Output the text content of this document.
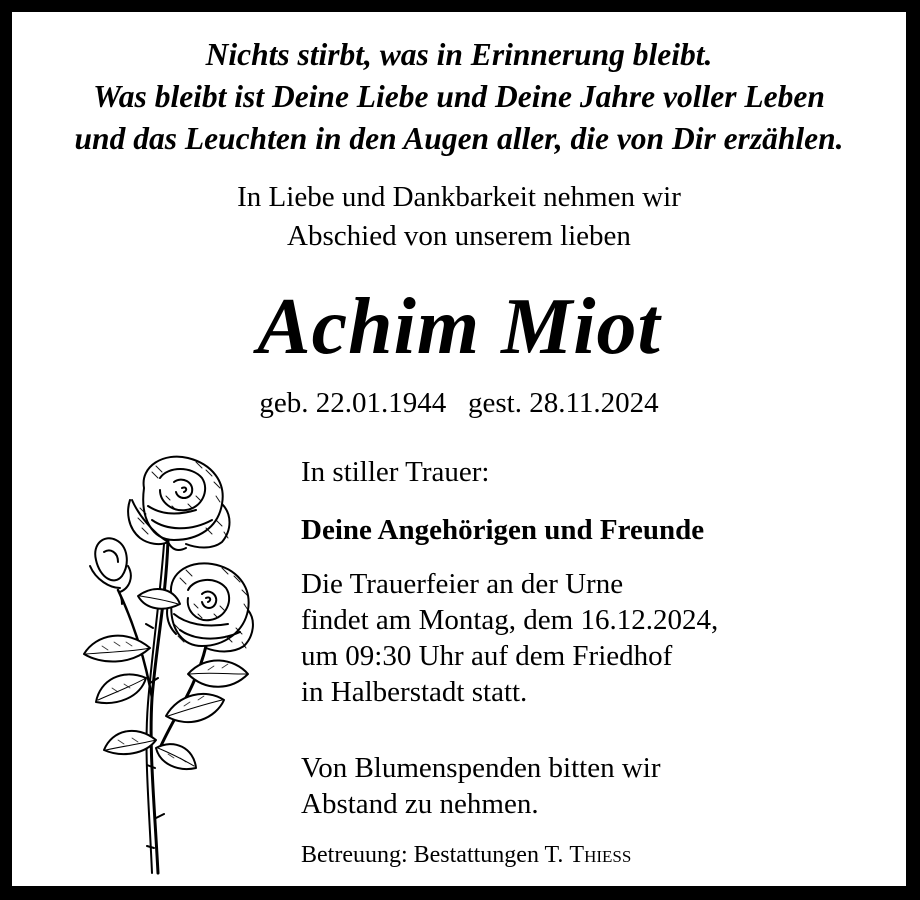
Nichts stirbt, was in Erinnerung bleibt.
Was bleibt ist Deine Liebe und Deine Jahre voller Leben
und das Leuchten in den Augen aller, die von Dir erzählen.
In Liebe und Dankbarkeit nehmen wir
Abschied von unserem lieben
Achim Miot
geb. 22.01.1944 gest. 28.11.2024
In stiller Trauer:
Deine Angehörigen und Freunde
Die Trauerfeier an der Urne
findet am Montag, dem 16.12.2024,
um 09:30 Uhr auf dem Friedhof
in Halberstadt statt.
Von Blumenspenden bitten wir
Abstand zu nehmen.
Betreuung: Bestattungen T. Thieß
